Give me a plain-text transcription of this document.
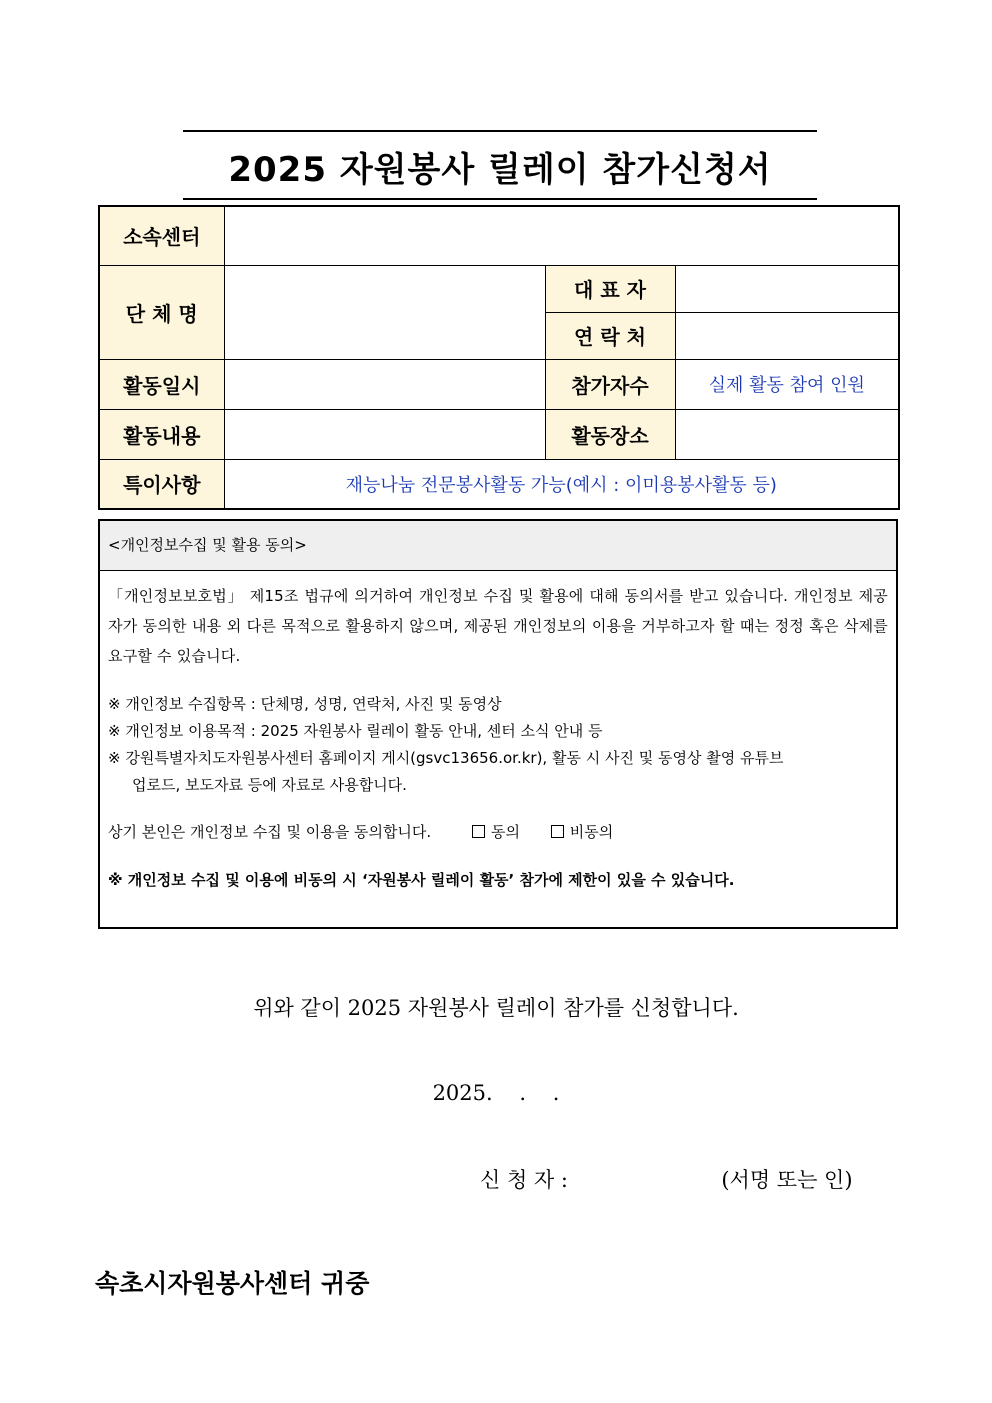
2025 자원봉사 릴레이 참가신청서
소속센터			
단 체 명		대 표 자	
		연 락 처	
활동일시		참가자수	실제 활동 참여 인원
활동내용		활동장소	
특이사항	재능나눔 전문봉사활동 가능(예시 : 이미용봉사활동 등)		
<개인정보수집 및 활용 동의>
「개인정보보호법」 제15조 법규에 의거하여 개인정보 수집 및 활용에 대해 동의서를 받고 있습니다. 개인정보 제공자가 동의한 내용 외 다른 목적으로 활용하지 않으며, 제공된 개인정보의 이용을 거부하고자 할 때는 정정 혹은 삭제를 요구할 수 있습니다.
※ 개인정보 수집항목 : 단체명, 성명, 연락처, 사진 및 동영상
※ 개인정보 이용목적 : 2025 자원봉사 릴레이 활동 안내, 센터 소식 안내 등
※ 강원특별자치도자원봉사센터 홈페이지 게시(gsvc13656.or.kr), 활동 시 사진 및 동영상 촬영 유튜브
업로드, 보도자료 등에 자료로 사용합니다.
상기 본인은 개인정보 수집 및 이용을 동의합니다.	동의	비동의
※ 개인정보 수집 및 이용에 비동의 시 ‘자원봉사 릴레이 활동’ 참가에 제한이 있을 수 있습니다.
위와 같이 2025 자원봉사 릴레이 참가를 신청합니다.
2025.    .    .
신 청 자 :	(서명 또는 인)
속초시자원봉사센터 귀중
